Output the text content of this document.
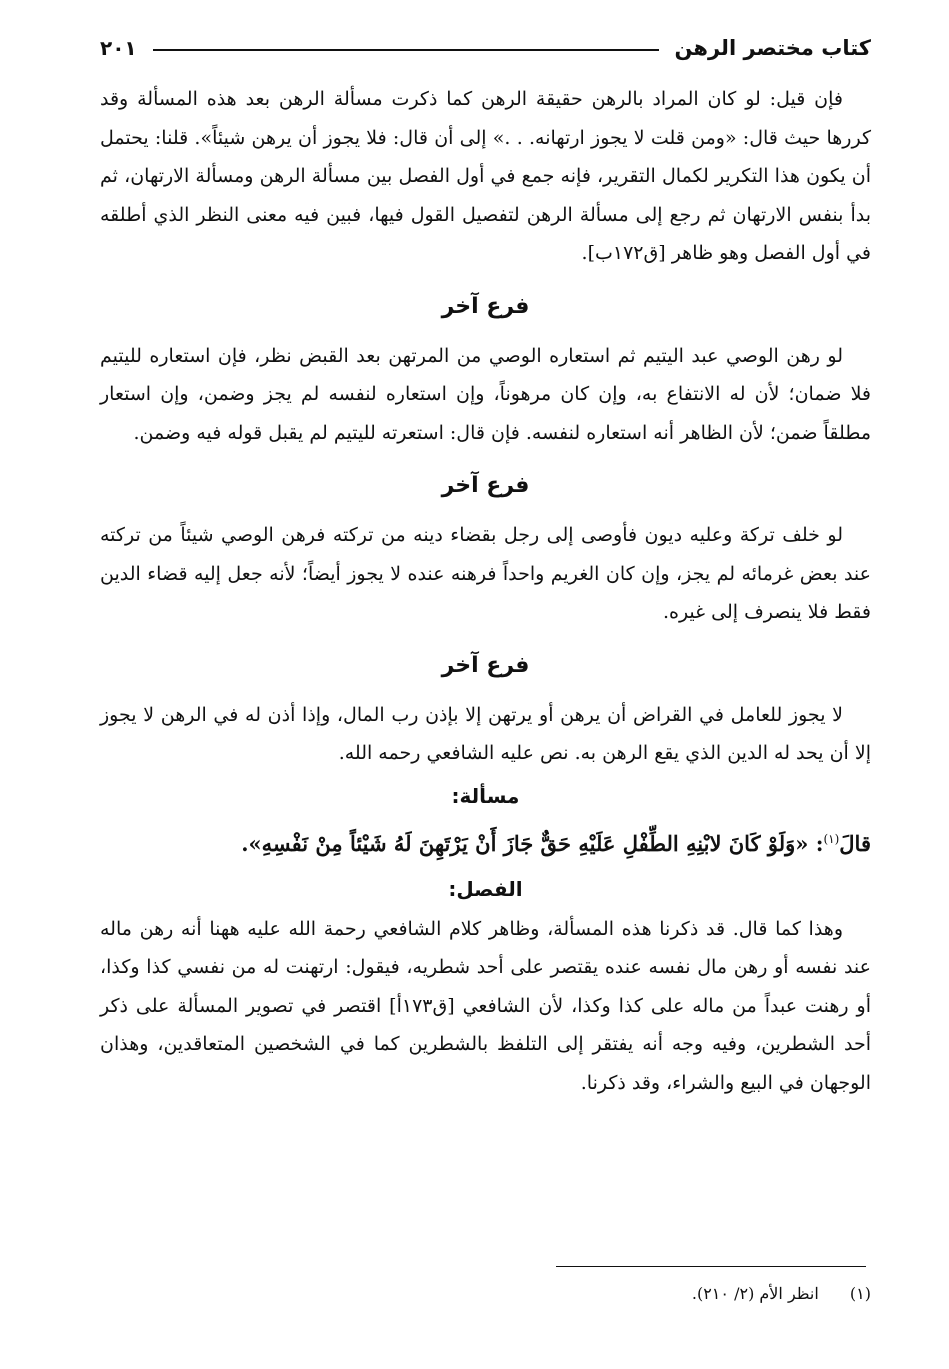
كتاب مختصر الرهن
٢٠١

فإن قيل: لو كان المراد بالرهن حقيقة الرهن كما ذكرت مسألة الرهن بعد هذه المسألة وقد كررها حيث قال: «ومن قلت لا يجوز ارتهانه. . .» إلى أن قال: فلا يجوز أن يرهن شيئاً». قلنا: يحتمل أن يكون هذا التكرير لكمال التقرير، فإنه جمع في أول الفصل بين مسألة الرهن ومسألة الارتهان، ثم بدأ بنفس الارتهان ثم رجع إلى مسألة الرهن لتفصيل القول فيها، فبين فيه معنى النظر الذي أطلقه في أول الفصل وهو ظاهر [ق١٧٢ب].

فرع آخر

لو رهن الوصي عبد اليتيم ثم استعاره الوصي من المرتهن بعد القبض نظر، فإن استعاره لليتيم فلا ضمان؛ لأن له الانتفاع به، وإن كان مرهوناً، وإن استعاره لنفسه لم يجز وضمن، وإن استعار مطلقاً ضمن؛ لأن الظاهر أنه استعاره لنفسه. فإن قال: استعرته لليتيم لم يقبل قوله فيه وضمن.

فرع آخر

لو خلف تركة وعليه ديون فأوصى إلى رجل بقضاء دينه من تركته فرهن الوصي شيئاً من تركته عند بعض غرمائه لم يجز، وإن كان الغريم واحداً فرهنه عنده لا يجوز أيضاً؛ لأنه جعل إليه قضاء الدين فقط فلا ينصرف إلى غيره.

فرع آخر

لا يجوز للعامل في القراض أن يرهن أو يرتهن إلا بإذن رب المال، وإذا أذن له في الرهن لا يجوز إلا أن يحد له الدين الذي يقع الرهن به. نص عليه الشافعي رحمه الله.

مسألة:
قالَ$^{(١)}$: «وَلَوْ كَانَ لابْنِهِ الطِّفْلِ عَلَيْهِ حَقٌّ جَازَ أَنْ يَرْتَهِنَ لَهُ شَيْئاً مِنْ نَفْسِهِ».
الفصل:

وهذا كما قال. قد ذكرنا هذه المسألة، وظاهر كلام الشافعي رحمة الله عليه ههنا أنه رهن ماله عند نفسه أو رهن مال نفسه عنده يقتصر على أحد شطريه، فيقول: ارتهنت له من نفسي كذا وكذا، أو رهنت عبداً من ماله على كذا وكذا، لأن الشافعي [ق١٧٣أ] اقتصر في تصوير المسألة على ذكر أحد الشطرين، وفيه وجه أنه يفتقر إلى التلفظ بالشطرين كما في الشخصين المتعاقدين، وهذان الوجهان في البيع والشراء، وقد ذكرنا.

(١) انظر الأم (٢/ ٢١٠).
